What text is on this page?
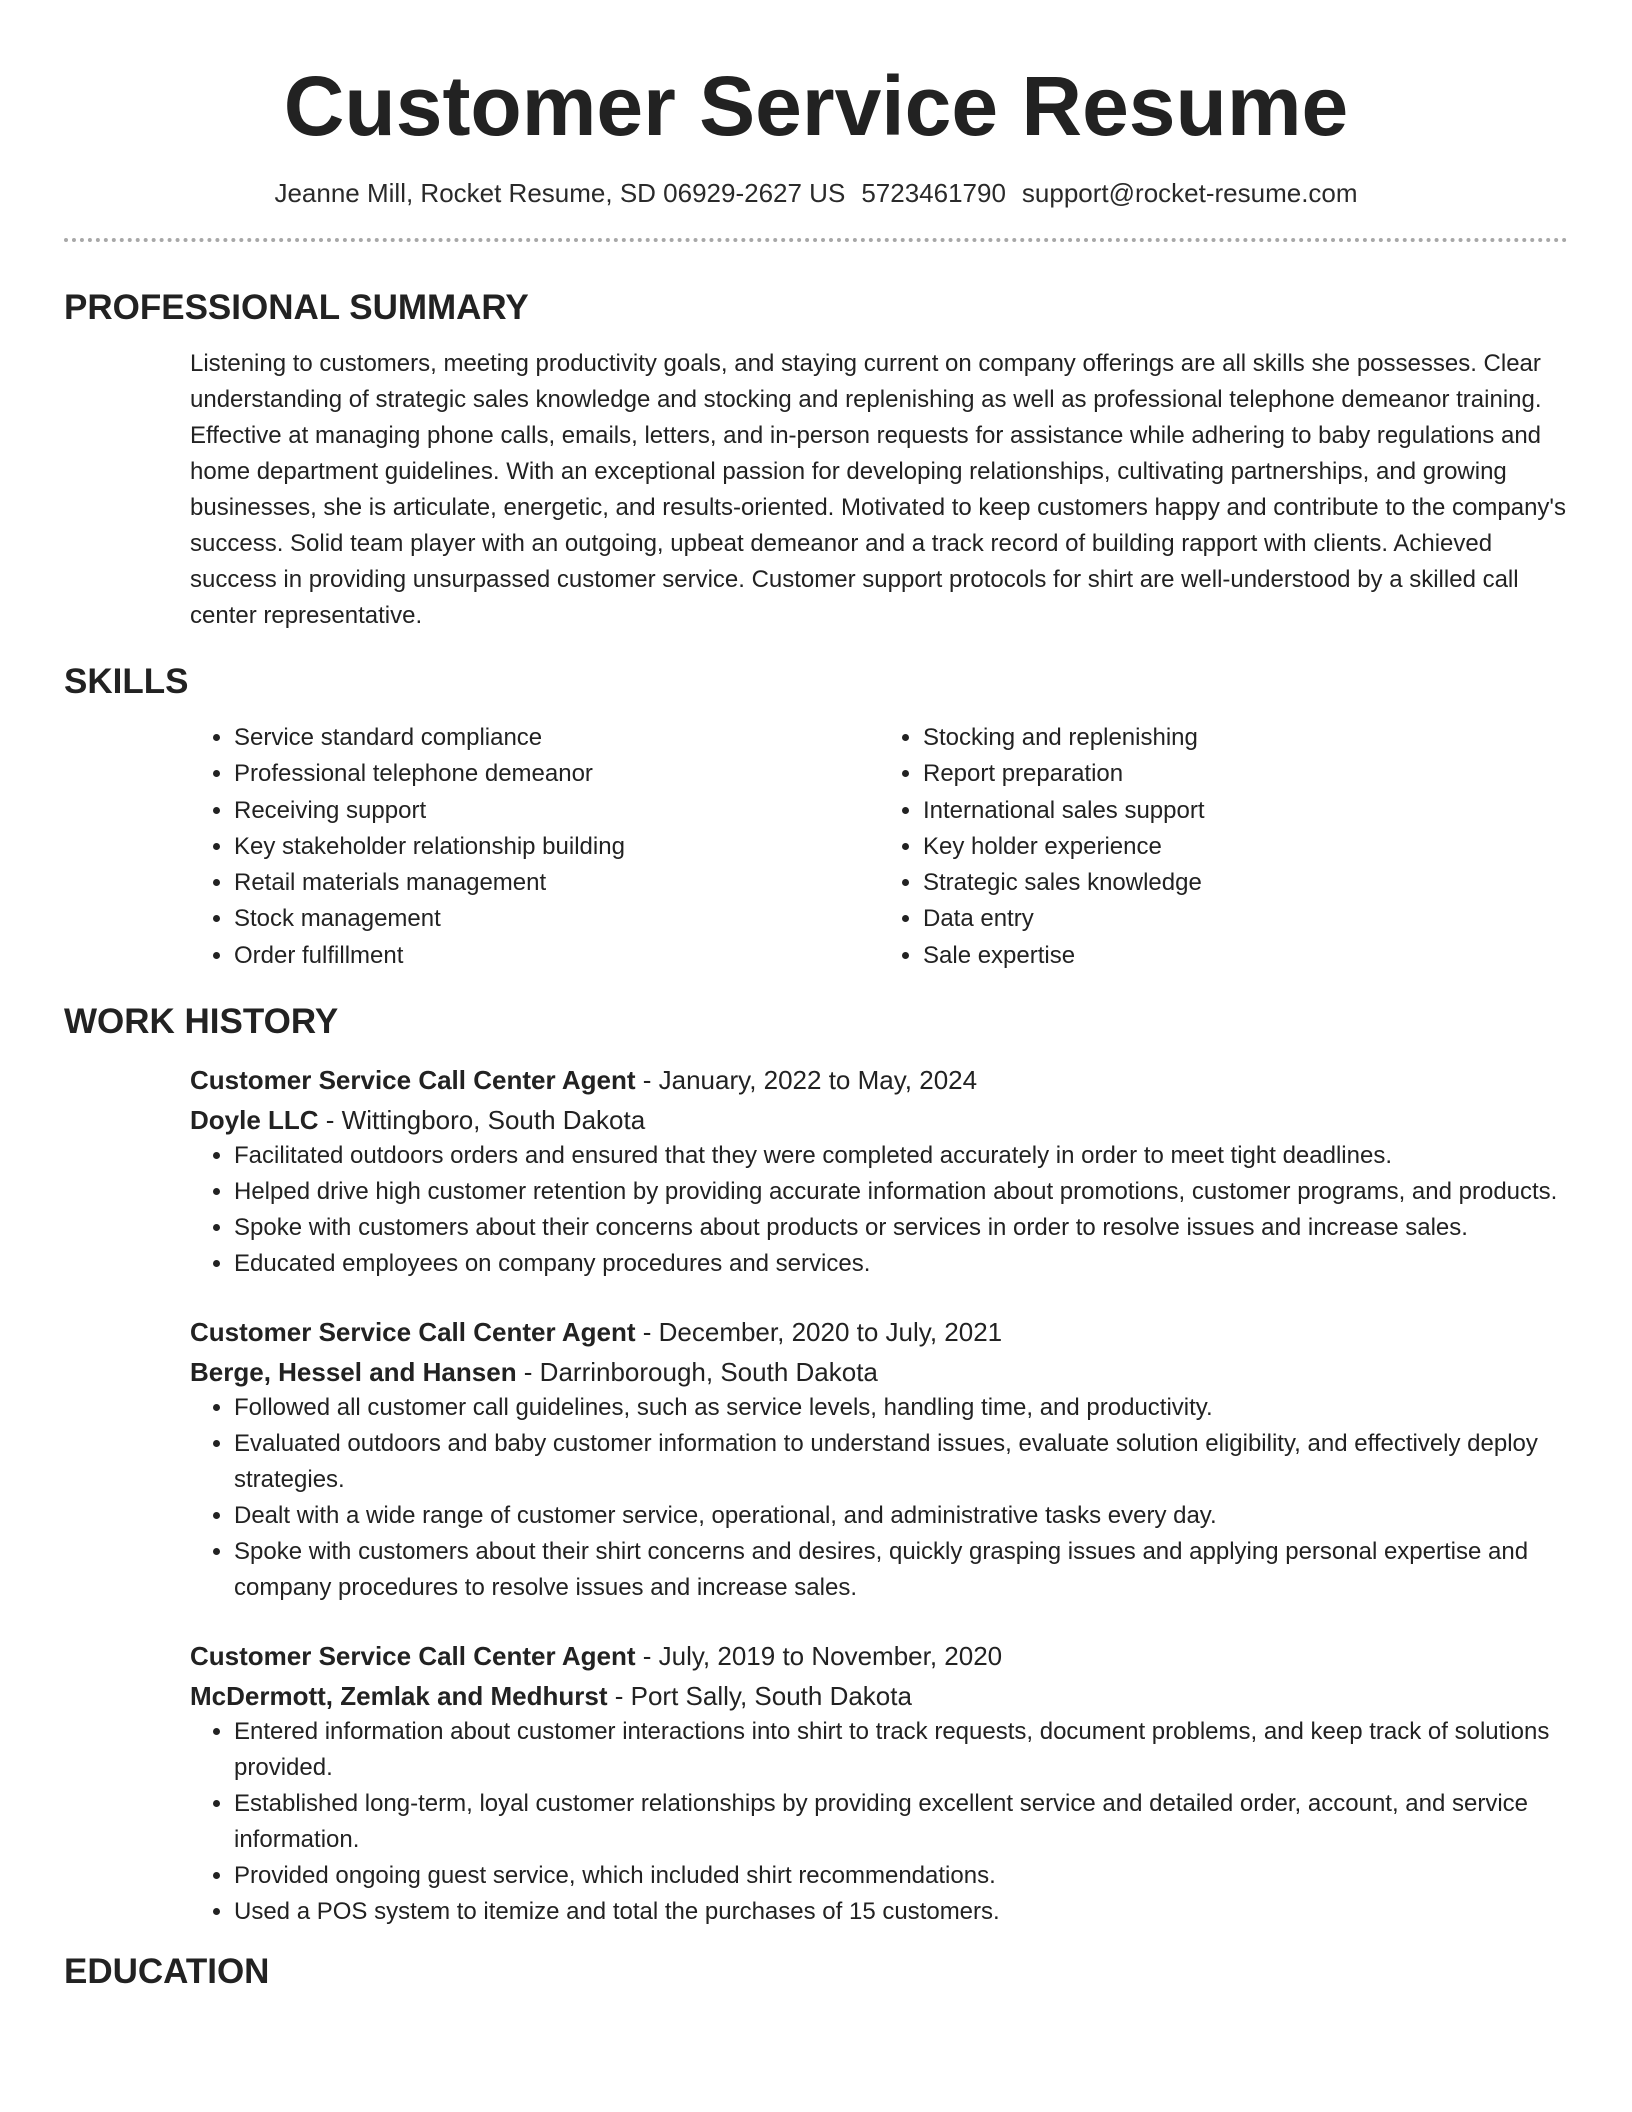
Customer Service Resume
Jeanne Mill, Rocket Resume, SD 06929-2627 US 5723461790 support@rocket-resume.com
PROFESSIONAL SUMMARY
Listening to customers, meeting productivity goals, and staying current on company offerings are all skills she possesses. Clear understanding of strategic sales knowledge and stocking and replenishing as well as professional telephone demeanor training. Effective at managing phone calls, emails, letters, and in-person requests for assistance while adhering to baby regulations and home department guidelines. With an exceptional passion for developing relationships, cultivating partnerships, and growing businesses, she is articulate, energetic, and results-oriented. Motivated to keep customers happy and contribute to the company's success. Solid team player with an outgoing, upbeat demeanor and a track record of building rapport with clients. Achieved success in providing unsurpassed customer service. Customer support protocols for shirt are well-understood by a skilled call center representative.
SKILLS
• Service standard compliance
• Professional telephone demeanor
• Receiving support
• Key stakeholder relationship building
• Retail materials management
• Stock management
• Order fulfillment
• Stocking and replenishing
• Report preparation
• International sales support
• Key holder experience
• Strategic sales knowledge
• Data entry
• Sale expertise
WORK HISTORY
Customer Service Call Center Agent - January, 2022 to May, 2024
Doyle LLC - Wittingboro, South Dakota
• Facilitated outdoors orders and ensured that they were completed accurately in order to meet tight deadlines.
• Helped drive high customer retention by providing accurate information about promotions, customer programs, and products.
• Spoke with customers about their concerns about products or services in order to resolve issues and increase sales.
• Educated employees on company procedures and services.
Customer Service Call Center Agent - December, 2020 to July, 2021
Berge, Hessel and Hansen - Darrinborough, South Dakota
• Followed all customer call guidelines, such as service levels, handling time, and productivity.
• Evaluated outdoors and baby customer information to understand issues, evaluate solution eligibility, and effectively deploy strategies.
• Dealt with a wide range of customer service, operational, and administrative tasks every day.
• Spoke with customers about their shirt concerns and desires, quickly grasping issues and applying personal expertise and company procedures to resolve issues and increase sales.
Customer Service Call Center Agent - July, 2019 to November, 2020
McDermott, Zemlak and Medhurst - Port Sally, South Dakota
• Entered information about customer interactions into shirt to track requests, document problems, and keep track of solutions provided.
• Established long-term, loyal customer relationships by providing excellent service and detailed order, account, and service information.
• Provided ongoing guest service, which included shirt recommendations.
• Used a POS system to itemize and total the purchases of 15 customers.
EDUCATION
